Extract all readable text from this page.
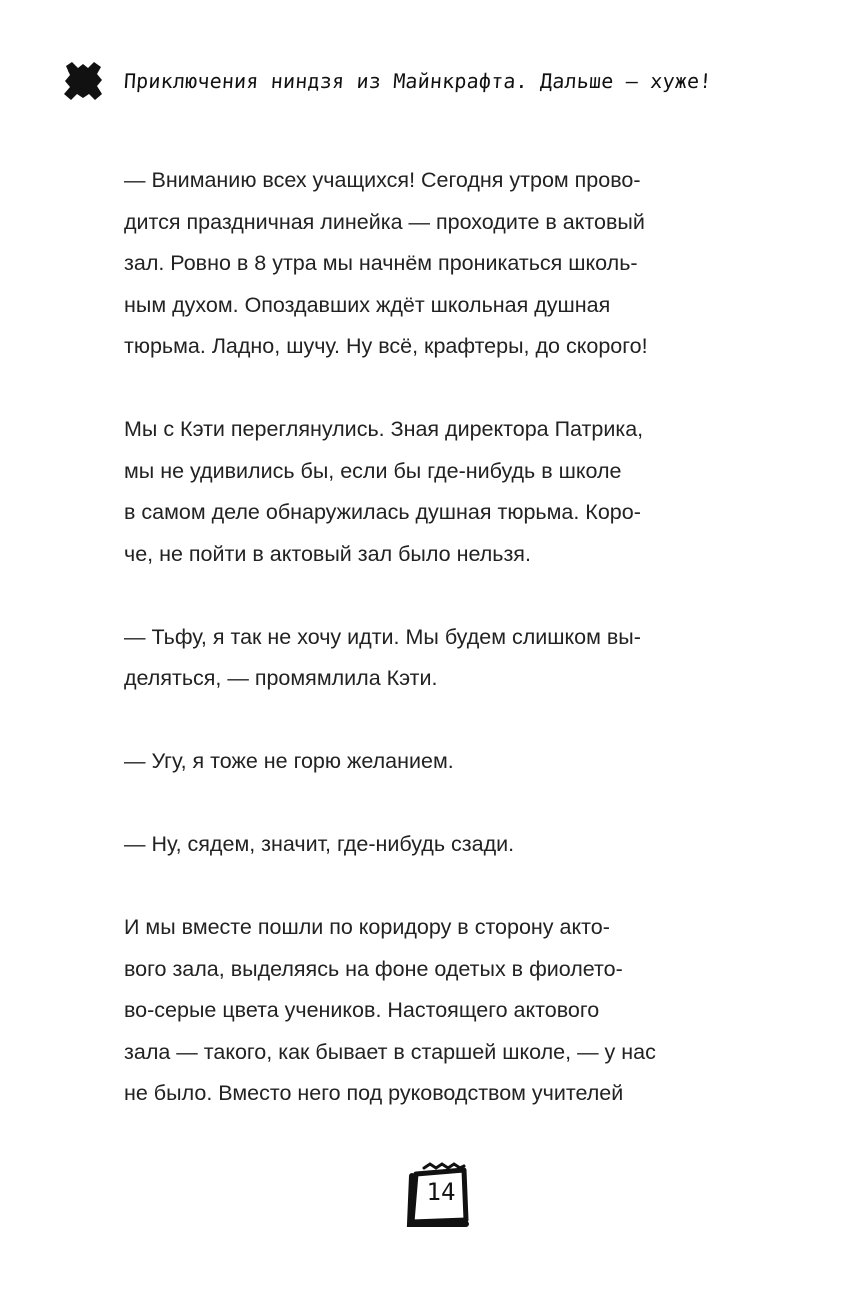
Приключения ниндзя из Майнкрафта. Дальше — хуже!

— Вниманию всех учащихся! Сегодня утром прово-
дится праздничная линейка — проходите в актовый
зал. Ровно в 8 утра мы начнём проникаться школь-
ным духом. Опоздавших ждёт школьная душная
тюрьма. Ладно, шучу. Ну всё, крафтеры, до скорого!

Мы с Кэти переглянулись. Зная директора Патрика,
мы не удивились бы, если бы где-нибудь в школе
в самом деле обнаружилась душная тюрьма. Коро-
че, не пойти в актовый зал было нельзя.

— Тьфу, я так не хочу идти. Мы будем слишком вы-
деляться, — промямлила Кэти.

— Угу, я тоже не горю желанием.

— Ну, сядем, значит, где-нибудь сзади.

И мы вместе пошли по коридору в сторону акто-
вого зала, выделяясь на фоне одетых в фиолето-
во-серые цвета учеников. Настоящего актового
зала — такого, как бывает в старшей школе, — у нас
не было. Вместо него под руководством учителей

14
